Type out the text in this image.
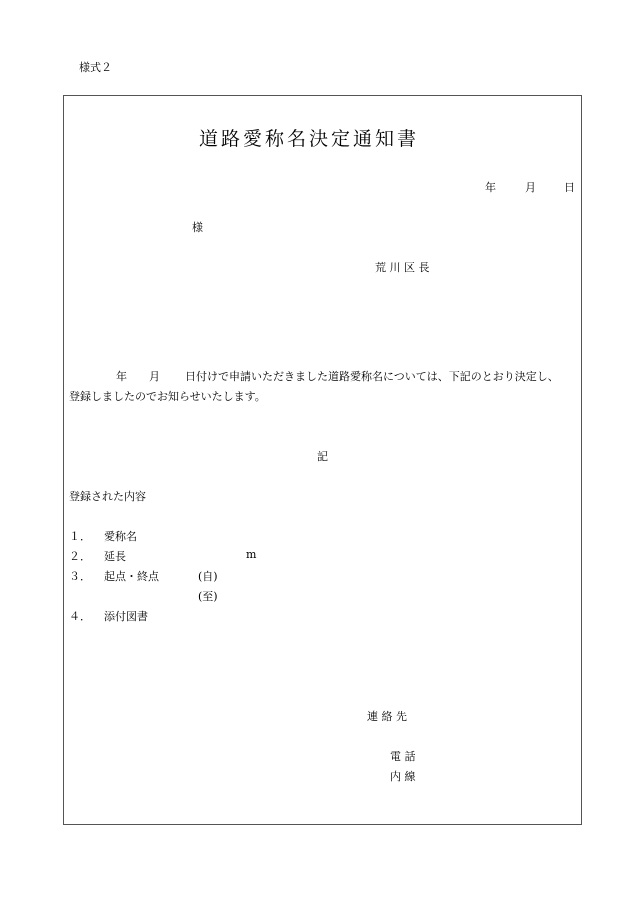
様式２
道路愛称名決定通知書
年	月	日
様
荒 川 区 長
年 月 日付けで申請いただきました道路愛称名については、下記のとおり決定し、
登録しましたのでお知らせいたします。
記
登録された内容
１． 愛称名
２． 延長	m
３． 起点・終点	(自)
(至)
４． 添付図書
連 絡 先
電 話
内 線
